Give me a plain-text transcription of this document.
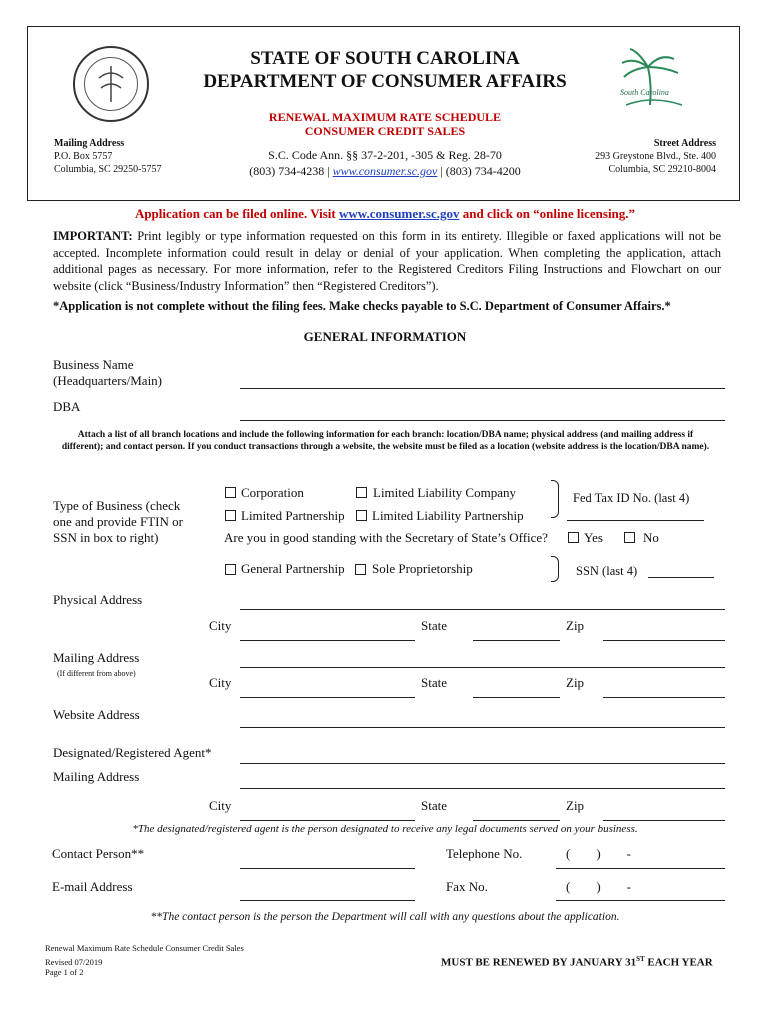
South Carolina
STATE OF SOUTH CAROLINA
DEPARTMENT OF CONSUMER AFFAIRS
RENEWAL MAXIMUM RATE SCHEDULE
CONSUMER CREDIT SALES
S.C. Code Ann. §§ 37-2-201, -305 & Reg. 28-70
(803) 734-4238 | www.consumer.sc.gov | (803) 734-4200
Mailing Address
P.O. Box 5757
Columbia, SC 29250-5757
Street Address
293 Greystone Blvd., Ste. 400
Columbia, SC 29210-8004
Application can be filed online. Visit www.consumer.sc.gov and click on “online licensing.”
IMPORTANT: Print legibly or type information requested on this form in its entirety. Illegible or faxed applications will not be accepted. Incomplete information could result in delay or denial of your application. When completing the application, attach additional pages as necessary. For more information, refer to the Registered Creditors Filing Instructions and Flowchart on our website (click “Business/Industry Information” then “Registered Creditors”).
*Application is not complete without the filing fees. Make checks payable to S.C. Department of Consumer Affairs.*
GENERAL INFORMATION
Business Name
(Headquarters/Main)
DBA
Attach a list of all branch locations and include the following information for each branch: location/DBA name; physical address (and mailing address if different); and contact person. If you conduct transactions through a website, the website must be filed as a location (website address is the location/DBA name).
Type of Business (check one and provide FTIN or SSN in box to right)
Corporation	Limited Liability Company
Limited Partnership Limited Liability Partnership
Are you in good standing with the Secretary of State’s Office?	Yes	No
General Partnership Sole Proprietorship
Fed Tax ID No. (last 4)
SSN (last 4)
Physical Address
City	State	Zip
Mailing Address
(If different from above)
City	State	Zip
Website Address
Designated/Registered Agent*
Mailing Address
City	State	Zip
*The designated/registered agent is the person designated to receive any legal documents served on your business.
Contact Person**	Telephone No.	(        )        -
E-mail Address	Fax No.	(        )        -
**The contact person is the person the Department will call with any questions about the application.
Renewal Maximum Rate Schedule Consumer Credit Sales
Revised 07/2019
Page 1 of 2
MUST BE RENEWED BY JANUARY 31ST EACH YEAR
